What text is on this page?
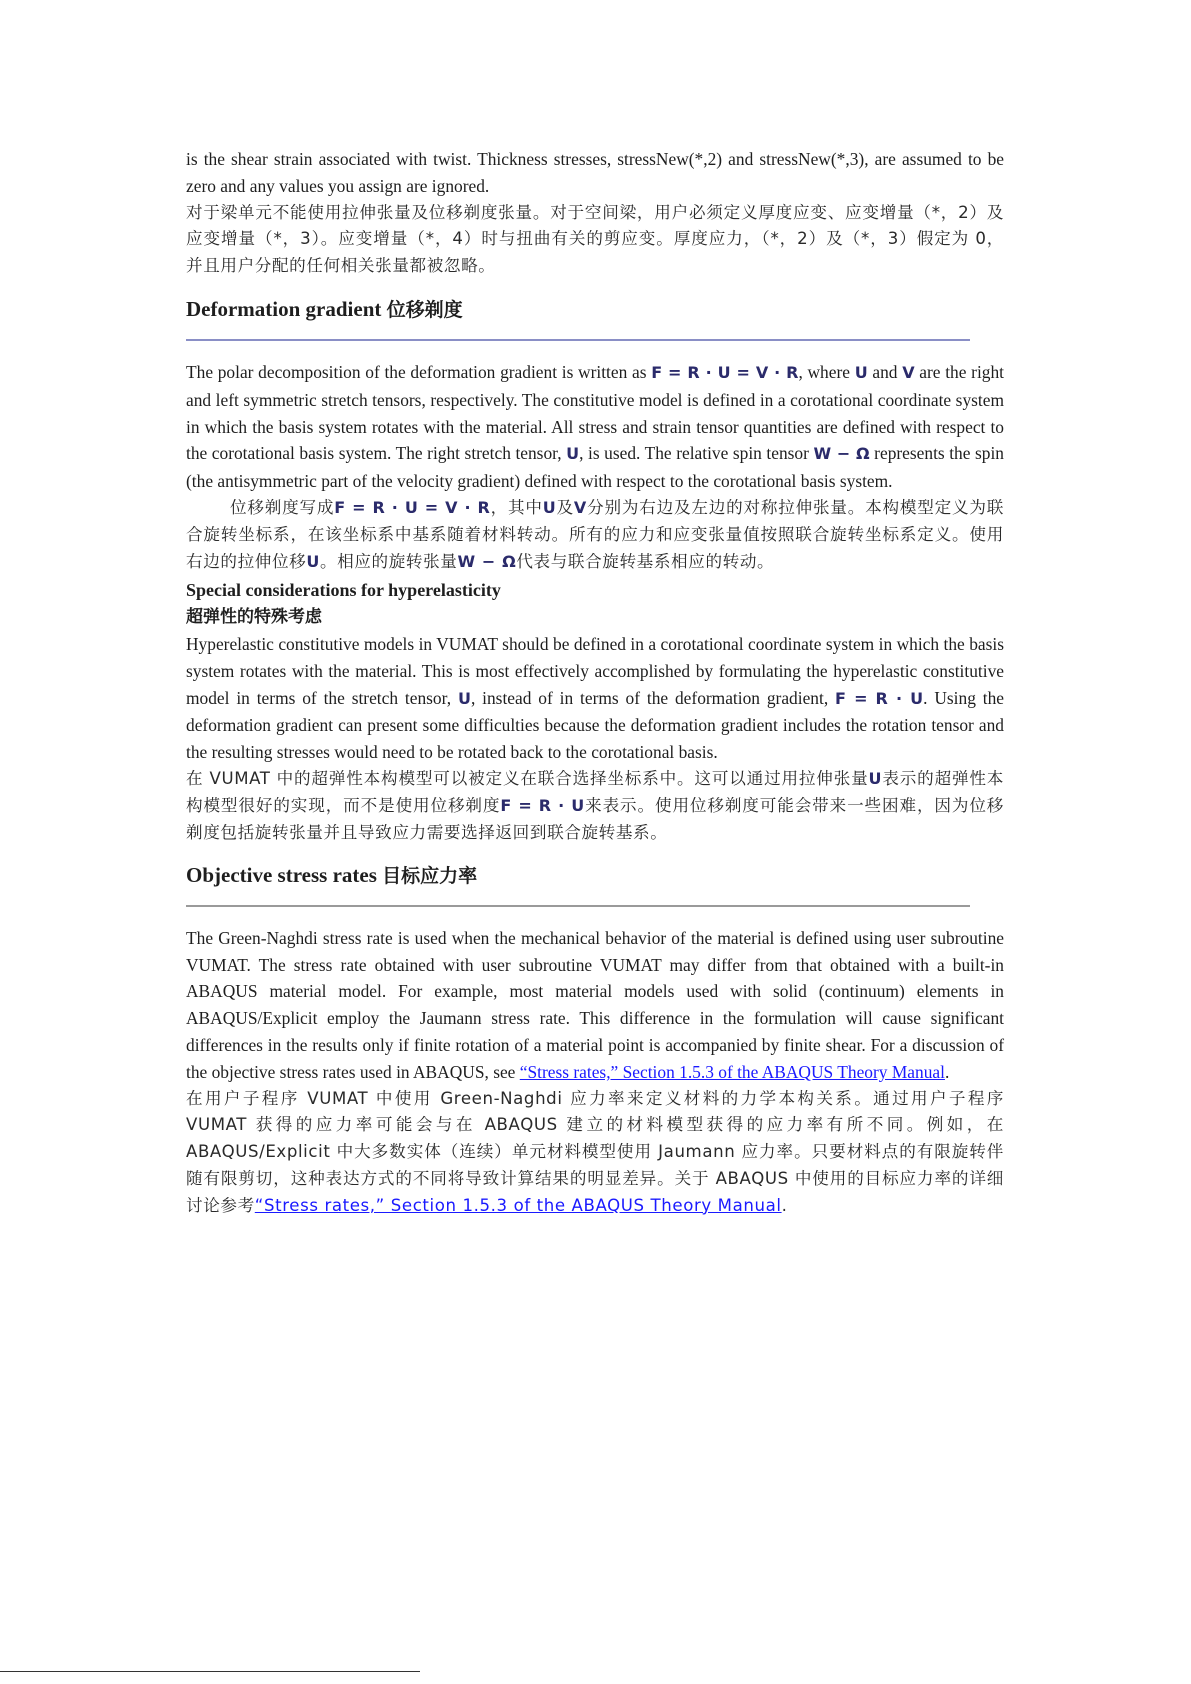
is the shear strain associated with twist. Thickness stresses, stressNew(*,2) and stressNew(*,3), are assumed to be zero and any values you assign are ignored.

对于梁单元不能使用拉伸张量及位移剃度张量。对于空间梁，用户必须定义厚度应变、应变增量（*，2）及应变增量（*，3）。应变增量（*，4）时与扭曲有关的剪应变。厚度应力，（*，2）及（*，3）假定为 0，并且用户分配的任何相关张量都被忽略。

Deformation gradient 位移剃度

The polar decomposition of the deformation gradient is written as F = R · U = V · R, where U and V are the right and left symmetric stretch tensors, respectively. The constitutive model is defined in a corotational coordinate system in which the basis system rotates with the material. All stress and strain tensor quantities are defined with respect to the corotational basis system. The right stretch tensor, U, is used. The relative spin tensor W − Ω represents the spin (the antisymmetric part of the velocity gradient) defined with respect to the corotational basis system.

位移剃度写成F = R · U = V · R，其中U及V分别为右边及左边的对称拉伸张量。本构模型定义为联合旋转坐标系，在该坐标系中基系随着材料转动。所有的应力和应变张量值按照联合旋转坐标系定义。使用右边的拉伸位移U。相应的旋转张量W − Ω代表与联合旋转基系相应的转动。

Special considerations for hyperelasticity

超弹性的特殊考虑

Hyperelastic constitutive models in VUMAT should be defined in a corotational coordinate system in which the basis system rotates with the material. This is most effectively accomplished by formulating the hyperelastic constitutive model in terms of the stretch tensor, U, instead of in terms of the deformation gradient, F = R · U. Using the deformation gradient can present some difficulties because the deformation gradient includes the rotation tensor and the resulting stresses would need to be rotated back to the corotational basis.

在 VUMAT 中的超弹性本构模型可以被定义在联合选择坐标系中。这可以通过用拉伸张量U表示的超弹性本构模型很好的实现，而不是使用位移剃度F = R · U来表示。使用位移剃度可能会带来一些困难，因为位移剃度包括旋转张量并且导致应力需要选择返回到联合旋转基系。

Objective stress rates 目标应力率

The Green-Naghdi stress rate is used when the mechanical behavior of the material is defined using user subroutine VUMAT. The stress rate obtained with user subroutine VUMAT may differ from that obtained with a built-in ABAQUS material model. For example, most material models used with solid (continuum) elements in ABAQUS/Explicit employ the Jaumann stress rate. This difference in the formulation will cause significant differences in the results only if finite rotation of a material point is accompanied by finite shear. For a discussion of the objective stress rates used in ABAQUS, see “Stress rates,” Section 1.5.3 of the ABAQUS Theory Manual.

在用户子程序 VUMAT 中使用 Green-Naghdi 应力率来定义材料的力学本构关系。通过用户子程序 VUMAT 获得的应力率可能会与在 ABAQUS 建立的材料模型获得的应力率有所不同。例如，在 ABAQUS/Explicit 中大多数实体（连续）单元材料模型使用 Jaumann 应力率。只要材料点的有限旋转伴随有限剪切，这种表达方式的不同将导致计算结果的明显差异。关于 ABAQUS 中使用的目标应力率的详细讨论参考“Stress rates,” Section 1.5.3 of the ABAQUS Theory Manual.
